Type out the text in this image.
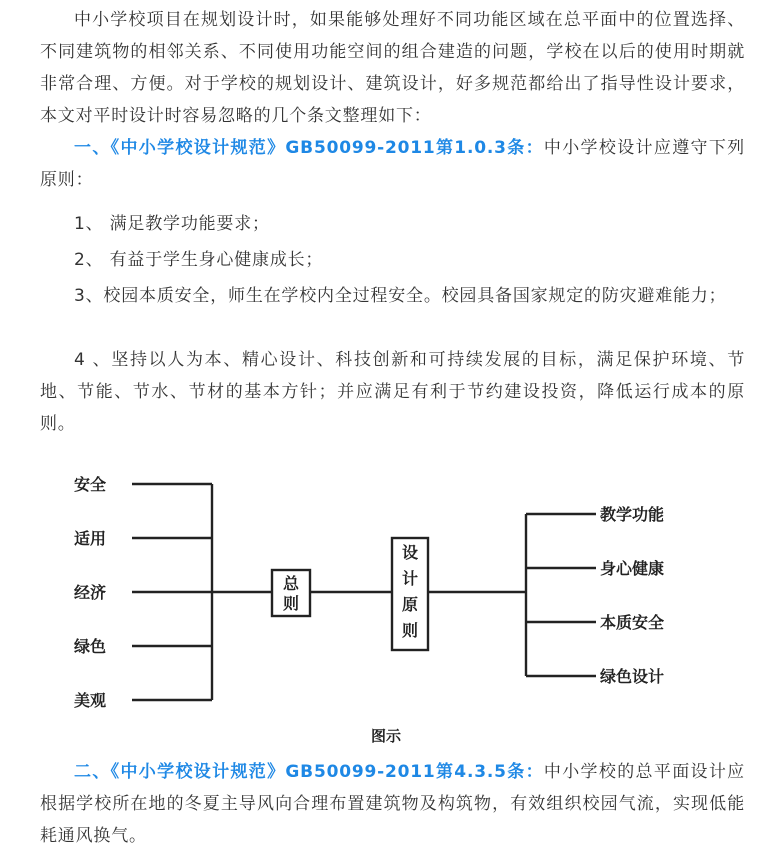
中小学校项目在规划设计时，如果能够处理好不同功能区域在总平面中的位置选择、不同建筑物的相邻关系、不同使用功能空间的组合建造的问题，学校在以后的使用时期就非常合理、方便。对于学校的规划设计、建筑设计，好多规范都给出了指导性设计要求，本文对平时设计时容易忽略的几个条文整理如下：

一、《中小学校设计规范》GB50099-2011第1.0.3条：中小学校设计应遵守下列原则：

1、 满足教学功能要求；

2、 有益于学生身心健康成长；

3、校园本质安全，师生在学校内全过程安全。校园具备国家规定的防灾避难能力；

4 、坚持以人为本、精心设计、科技创新和可持续发展的目标，满足保护环境、节地、节能、节水、节材的基本方针；并应满足有利于节约建设投资，降低运行成本的原则。

安全
适用
经济
绿色
美观
总
则
设
计
原
则
教学功能
身心健康
本质安全
绿色设计
图示

二、《中小学校设计规范》GB50099-2011第4.3.5条：中小学校的总平面设计应根据学校所在地的冬夏主导风向合理布置建筑物及构筑物，有效组织校园气流，实现低能耗通风换气。
